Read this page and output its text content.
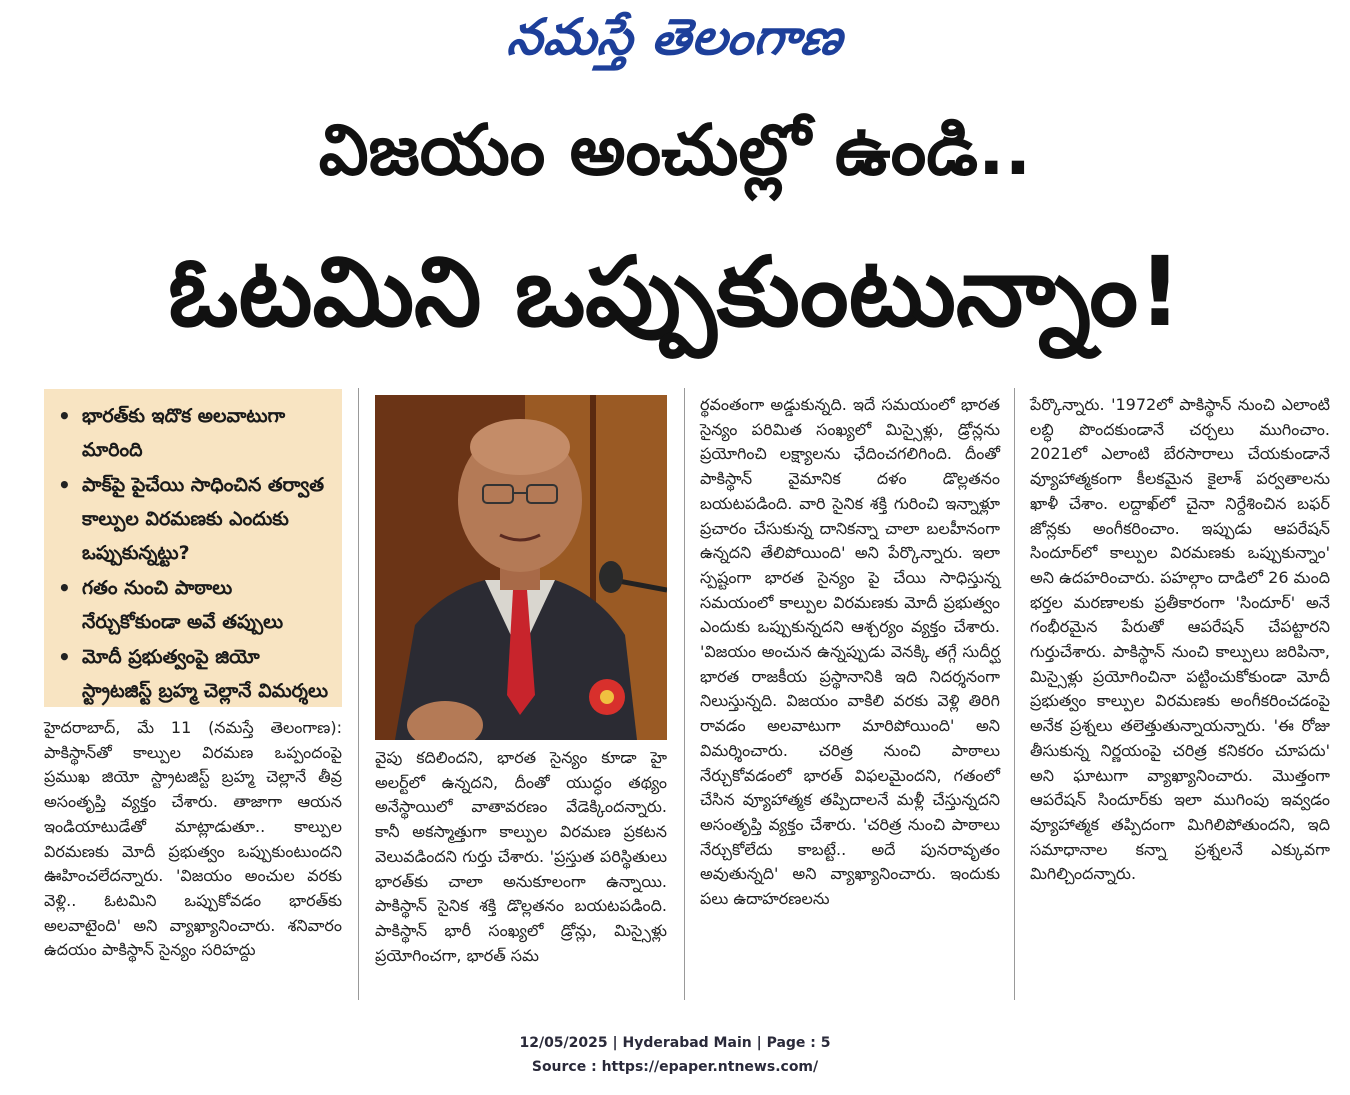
నమస్తే తెలంగాణ
విజయం అంచుల్లో ఉండి..
ఓటమిని ఒప్పుకుంటున్నాం!
• భారత్‌కు ఇదొక అలవాటుగా మారింది
• పాక్‌పై పైచేయి సాధించిన తర్వాత కాల్పుల విరమణకు ఎందుకు ఒప్పుకున్నట్టు?
• గతం నుంచి పాఠాలు నేర్చుకోకుండా అవే తప్పులు
• మోదీ ప్రభుత్వంపై జియో స్ట్రాటజిస్ట్ బ్రహ్మ చెల్లానే విమర్శలు
హైదరాబాద్, మే 11 (నమస్తే తెలంగాణ): పాకిస్థాన్‌తో కాల్పుల విరమణ ఒప్పందంపై ప్రముఖ జియో స్ట్రాటజిస్ట్ బ్రహ్మ చెల్లానే తీవ్ర అసంతృప్తి వ్యక్తం చేశారు. తాజాగా ఆయన ఇండియాటుడేతో మాట్లాడుతూ.. కాల్పుల విరమణకు మోదీ ప్రభుత్వం ఒప్పుకుంటుందని ఊహించలేదన్నారు. 'విజయం అంచుల వరకు వెళ్లి.. ఓటమిని ఒప్పుకోవడం భారత్‌కు అలవాటైంది' అని వ్యాఖ్యానించారు. శనివారం ఉదయం పాకిస్థాన్ సైన్యం సరిహద్దు
వైపు కదిలిందని, భారత సైన్యం కూడా హై అలర్ట్‌లో ఉన్నదని, దీంతో యుద్ధం తథ్యం అనేస్థాయిలో వాతావరణం వేడెక్కిందన్నారు. కానీ అకస్మాత్తుగా కాల్పుల విరమణ ప్రకటన వెలువడిందని గుర్తు చేశారు. 'ప్రస్తుత పరిస్థితులు భారత్‌కు చాలా అనుకూలంగా ఉన్నాయి. పాకిస్థాన్ సైనిక శక్తి డొల్లతనం బయటపడింది. పాకిస్థాన్ భారీ సంఖ్యలో డ్రోన్లు, మిస్సైళ్లు ప్రయోగించగా, భారత్ సమ
ర్థవంతంగా అడ్డుకున్నది. ఇదే సమయంలో భారత సైన్యం పరిమిత సంఖ్యలో మిస్సైళ్లు, డ్రోన్లను ప్రయోగించి లక్ష్యాలను ఛేదించగలిగింది. దీంతో పాకిస్థాన్ వైమానిక దళం డొల్లతనం బయటపడింది. వారి సైనిక శక్తి గురించి ఇన్నాళ్లూ ప్రచారం చేసుకున్న దానికన్నా చాలా బలహీనంగా ఉన్నదని తేలిపోయింది' అని పేర్కొన్నారు. ఇలా స్పష్టంగా భారత సైన్యం పై చేయి సాధిస్తున్న సమయంలో కాల్పుల విరమణకు మోదీ ప్రభుత్వం ఎందుకు ఒప్పుకున్నదని ఆశ్చర్యం వ్యక్తం చేశారు. 'విజయం అంచున ఉన్నప్పుడు వెనక్కి తగ్గే సుదీర్ఘ భారత రాజకీయ ప్రస్థానానికి ఇది నిదర్శనంగా నిలుస్తున్నది. విజయం వాకిలి వరకు వెళ్లి తిరిగి రావడం అలవాటుగా మారిపోయింది' అని విమర్శించారు. చరిత్ర నుంచి పాఠాలు నేర్చుకోవడంలో భారత్ విఫలమైందని, గతంలో చేసిన వ్యూహాత్మక తప్పిదాలనే మళ్లీ చేస్తున్నదని అసంతృప్తి వ్యక్తం చేశారు. 'చరిత్ర నుంచి పాఠాలు నేర్చుకోలేదు కాబట్టే.. అదే పునరావృతం అవుతున్నది' అని వ్యాఖ్యానించారు. ఇందుకు పలు ఉదాహరణలను
పేర్కొన్నారు. '1972లో పాకిస్థాన్ నుంచి ఎలాంటి లబ్ధి పొందకుండానే చర్చలు ముగించాం. 2021లో ఎలాంటి బేరసారాలు చేయకుండానే వ్యూహాత్మకంగా కీలకమైన కైలాశ్ పర్వతాలను ఖాళీ చేశాం. లద్దాఖ్‌లో చైనా నిర్దేశించిన బఫర్ జోన్లకు అంగీకరించాం. ఇప్పుడు ఆపరేషన్ సిందూర్‌లో కాల్పుల విరమణకు ఒప్పుకున్నాం' అని ఉదహరించారు. పహల్గాం దాడిలో 26 మంది భర్తల మరణాలకు ప్రతీకారంగా 'సిందూర్' అనే గంభీరమైన పేరుతో ఆపరేషన్ చేపట్టారని గుర్తుచేశారు. పాకిస్థాన్ నుంచి కాల్పులు జరిపినా, మిస్సైళ్లు ప్రయోగించినా పట్టించుకోకుండా మోదీ ప్రభుత్వం కాల్పుల విరమణకు అంగీకరించడంపై అనేక ప్రశ్నలు తలెత్తుతున్నాయన్నారు. 'ఈ రోజు తీసుకున్న నిర్ణయంపై చరిత్ర కనికరం చూపదు' అని ఘాటుగా వ్యాఖ్యానించారు. మొత్తంగా ఆపరేషన్ సిందూర్‌కు ఇలా ముగింపు ఇవ్వడం వ్యూహాత్మక తప్పిదంగా మిగిలిపోతుందని, ఇది సమాధానాల కన్నా ప్రశ్నలనే ఎక్కువగా మిగిల్చిందన్నారు.
12/05/2025 | Hyderabad Main | Page : 5
Source : https://epaper.ntnews.com/
